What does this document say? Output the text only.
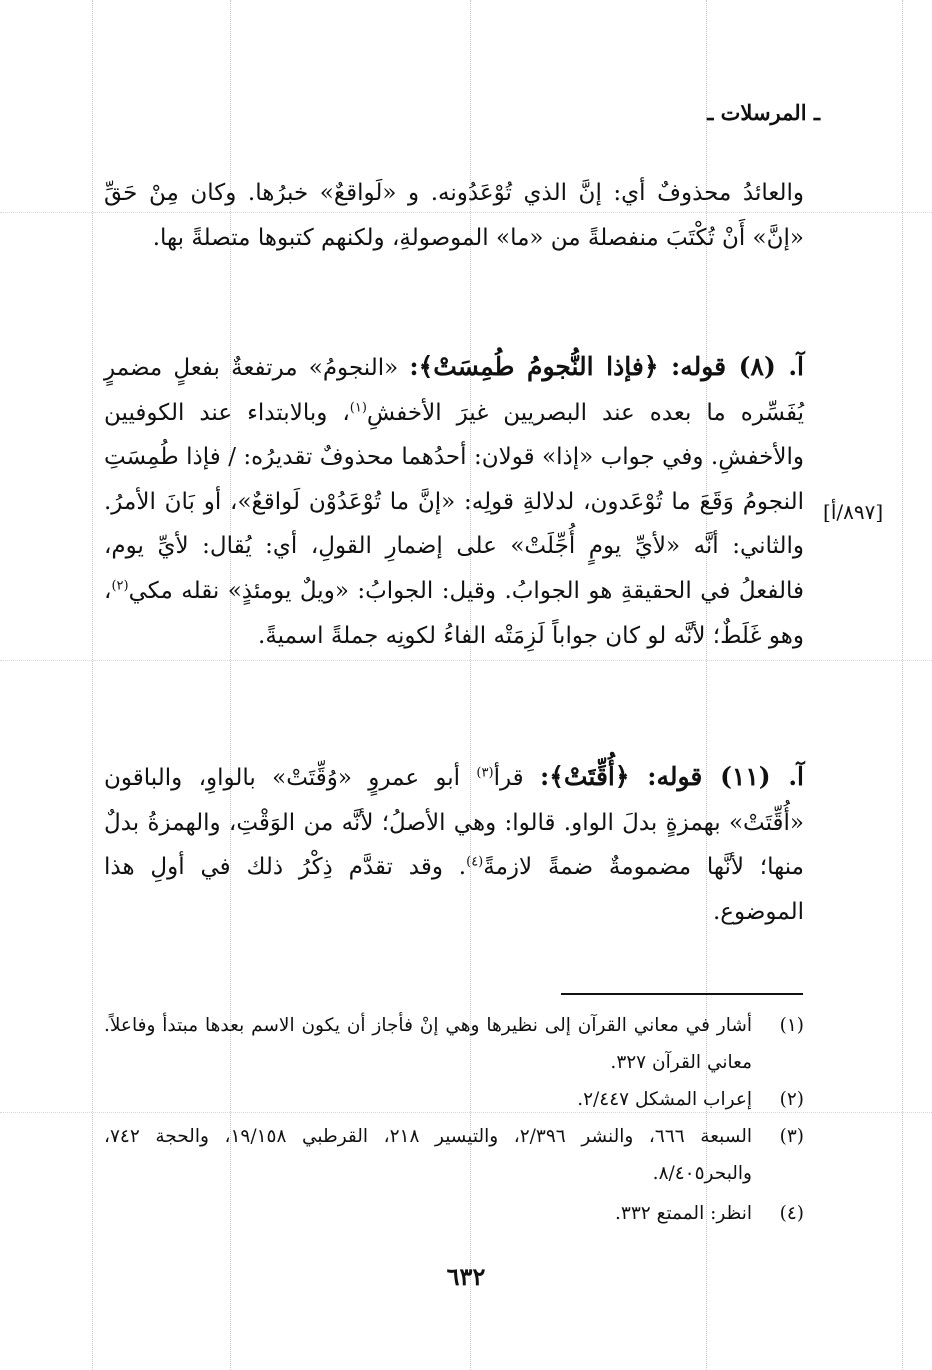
ـ المرسلات ـ

والعائدُ محذوفٌ أي: إنَّ الذي تُوْعَدُونه. و «لَواقعٌ» خبرُها. وكان مِنْ حَقِّ «إنَّ» أَنْ تُكْتَبَ منفصلةً من «ما» الموصولةِ، ولكنهم كتبوها متصلةً بها.

آ. (٨) قوله: ﴿فإذا النُّجومُ طُمِسَتْ﴾: «النجومُ» مرتفعةٌ بفعلٍ مضمرٍ يُفَسِّره ما بعده عند البصريين غيرَ الأخفشِ$^{(١)}$، وبالابتداء عند الكوفيين والأخفشِ. وفي جواب «إذا» قولان: أحدُهما محذوفٌ تقديرُه: / فإذا طُمِسَتِ النجومُ وَقَعَ ما تُوْعَدون، لدلالةِ قولِه: «إنَّ ما تُوْعَدُوْن لَواقعٌ»، أو بَانَ الأمرُ. والثاني: أنَّه «لأيِّ يومٍ أُجِّلَتْ» على إضمارِ القولِ، أي: يُقال: لأيِّ يوم، فالفعلُ في الحقيقةِ هو الجوابُ. وقيل: الجوابُ: «ويلٌ يومئذٍ» نقله مكي$^{(٢)}$، وهو غَلَطٌ؛ لأنَّه لو كان جواباً لَزِمَتْه الفاءُ لكونِه جملةً اسميةً.

[٨٩٧/أ]

آ. (١١) قوله: ﴿أُقِّتَتْ﴾: قرأ$^{(٣)}$ أبو عمروٍ «وُقِّتَتْ» بالواوِ، والباقون «أُقِّتَتْ» بهمزةٍ بدلَ الواو. قالوا: وهي الأصلُ؛ لأنَّه من الوَقْتِ، والهمزةُ بدلٌ منها؛ لأنَّها مضمومةٌ ضمةً لازمةً$^{(٤)}$. وقد تقدَّم ذِكْرُ ذلك في أولِ هذا الموضوع.

(١)
أشار في معاني القرآن إلى نظيرها وهي إنْ فأجاز أن يكون الاسم بعدها مبتدأ وفاعلاً. معاني القرآن ٣٢٧.

(٢)
إعراب المشكل ٢/٤٤٧.

(٣)
السبعة ٦٦٦، والنشر ٢/٣٩٦، والتيسير ٢١٨، القرطبي ١٩/١٥٨، والحجة ٧٤٢، والبحر٨/٤٠٥.

(٤)
انظر: الممتع ٣٣٢.

٦٣٢
